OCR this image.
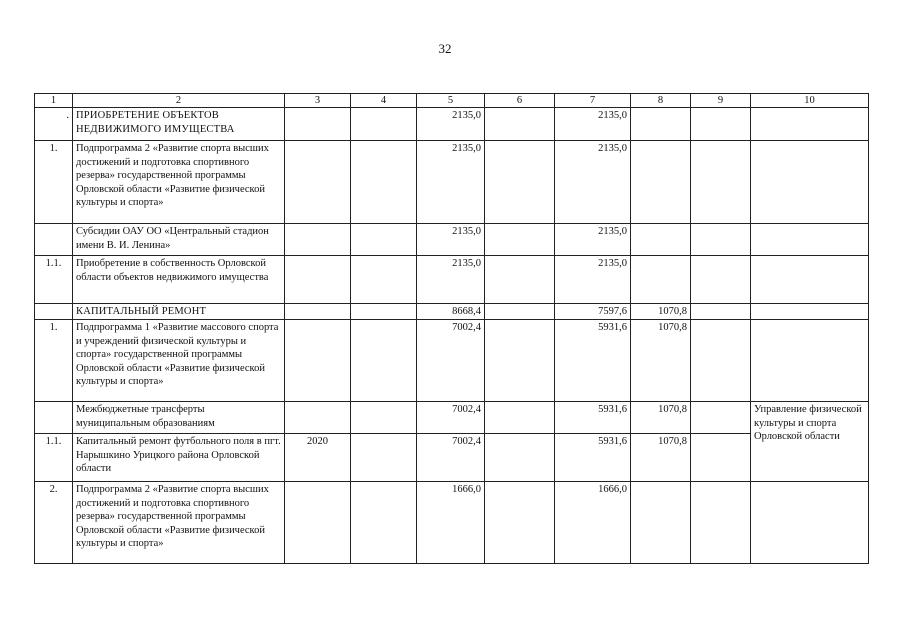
32
1	2	3	4	5	6	7	8	9	10
.	ПРИОБРЕТЕНИЕ ОБЪЕКТОВ НЕДВИЖИМОГО ИМУЩЕСТВА			2135,0		2135,0			
1.	Подпрограмма 2 «Развитие спорта высших достижений и подготовка спортивного резерва» государственной программы Орловской области «Развитие физической культуры и спорта»			2135,0		2135,0			
	Субсидии ОАУ ОО «Центральный стадион имени В. И. Ленина»			2135,0		2135,0			
1.1.	Приобретение в собственность Орловской области объектов недвижимого имущества			2135,0		2135,0			
	КАПИТАЛЬНЫЙ РЕМОНТ			8668,4		7597,6	1070,8		
1.	Подпрограмма 1 «Развитие массового спорта и учреждений физической культуры и спорта» государственной программы Орловской области «Развитие физической культуры и спорта»			7002,4		5931,6	1070,8		
	Межбюджетные трансферты муниципальным образованиям			7002,4		5931,6	1070,8		Управление физической культуры и спорта Орловской области
1.1.	Капитальный ремонт футбольного поля в пгт. Нарышкино Урицкого района Орловской области	2020		7002,4		5931,6	1070,8		
2.	Подпрограмма 2 «Развитие спорта высших достижений и подготовка спортивного резерва» государственной программы Орловской области «Развитие физической культуры и спорта»			1666,0		1666,0			
